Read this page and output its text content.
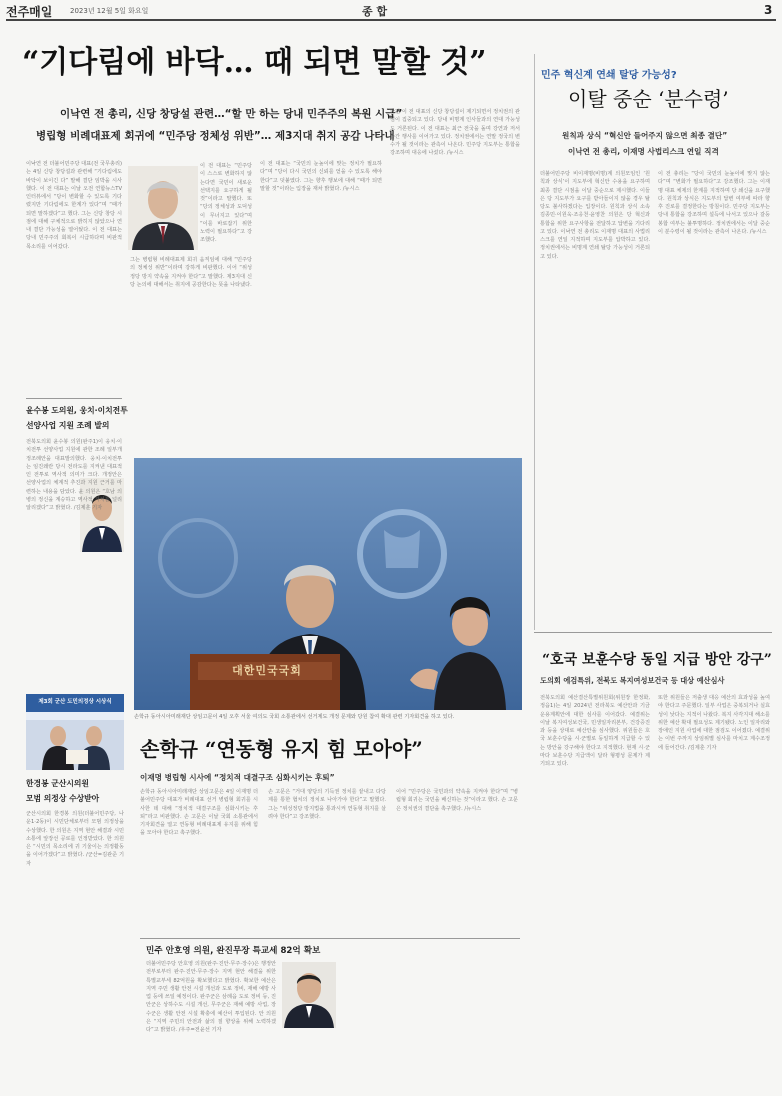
전주매일	2023년 12월 5일 화요일	종 합	3
“기다림에 바닥… 때 되면 말할 것”
이낙연 전 총리, 신당 창당설 관련…“할 만 하는 당내 민주주의 복원 시급”
병립형 비례대표제 회귀에 “민주당 정체성 위반”… 제3지대 취지 공감 나타내
이낙연 전 더불어민주당 대표(전 국무총리)는 4일 신당 창당설과 관련해 “기다림에도 바닥이 보이긴 다” 말해 결단 임박을 시사했다. 이 전 대표는 이날 오전 연합뉴스TV 인터뷰에서 “당이 변화할 수 있도록 기다렸지만 기다림에도 한계가 있다”며 “때가 되면 말하겠다”고 했다. 그는 신당 창당 시점에 대해 구체적으로 밝히지 않았으나 연내 결단 가능성을 열어뒀다. 이 전 대표는 당내 민주주의 회복이 시급하다며 비판적 목소리를 이어갔다.
이 전 대표는 “민주당이 스스로 변화하지 않는다면 국민이 새로운 선택지를 요구하게 될 것”이라고 말했다. 또 “당의 정체성과 도덕성이 무너지고 있다”며 “이를 바로잡기 위한 노력이 필요하다”고 강조했다.
그는 병립형 비례대표제 회귀 움직임에 대해 “민주당의 정체성 위반”이라며 강하게 비판했다. 이어 “위성정당 방지 약속을 지켜야 한다”고 말했다. 제3지대 신당 논의에 대해서는 취지에 공감한다는 뜻을 나타냈다.
이 전 대표는 “국민의 눈높이에 맞는 정치가 필요하다”며 “당이 다시 국민의 신뢰를 얻을 수 있도록 해야 한다”고 덧붙였다. 그는 향후 행보에 대해 “때가 되면 말할 것”이라는 입장을 재차 밝혔다. /뉴시스
한편 이 전 대표의 신당 창당설이 제기되면서 정치권의 관심이 집중되고 있다. 당내 비명계 인사들과의 연대 가능성도 거론된다. 이 전 대표는 최근 전국을 돌며 강연과 저서 출간 행사를 이어가고 있다. 정치권에서는 연말 정국의 변수가 될 것이라는 관측이 나온다. 민주당 지도부는 통합을 강조하며 대응에 나섰다. /뉴시스
민주 혁신계 연쇄 탈당 가능성?
이탈 중순 ‘분수령’
원칙과 상식 “혁신안 들어주지 않으면 최종 결단”
이낙연 전 총리, 이재명 사법리스크 연일 직격
더불어민주당 비이재명(비명)계 의원모임인 ‘원칙과 상식’이 지도부에 혁신안 수용을 요구하며 최종 결단 시점을 이달 중순으로 제시했다. 이들은 당 지도부가 요구를 받아들이지 않을 경우 탈당도 불사하겠다는 입장이다. 원칙과 상식 소속 김종민·이원욱·조응천·윤영찬 의원은 당 혁신과 통합을 위한 요구사항을 전달하고 답변을 기다리고 있다. 이낙연 전 총리도 이재명 대표의 사법리스크를 연일 지적하며 지도부를 압박하고 있다. 정치권에서는 비명계 연쇄 탈당 가능성이 거론되고 있다.
이 전 총리는 “당이 국민의 눈높이에 맞지 않는다”며 “변화가 필요하다”고 강조했다. 그는 이재명 대표 체제의 한계를 지적하며 당 쇄신을 요구했다. 원칙과 상식은 지도부의 답변 여부에 따라 향후 진로를 결정한다는 방침이다. 민주당 지도부는 당내 통합을 강조하며 설득에 나서고 있으나 갈등 봉합 여부는 불투명하다. 정치권에서는 이달 중순이 분수령이 될 것이라는 관측이 나온다. /뉴시스
윤수봉 도의원, 웅치·이치전투
선양사업 지원 조례 발의
전북도의회 윤수봉 의원(완주1)이 웅치·이치전투 선양사업 지원에 관한 조례 일부개정조례안을 대표발의했다. 웅치·이치전투는 임진왜란 당시 전라도를 지켜낸 대표적인 전투로 역사적 의미가 크다. 개정안은 선양사업의 체계적 추진과 지원 근거를 마련하는 내용을 담았다. 윤 의원은 “호남 의병의 정신을 계승하고 역사적 가치를 널리 알리겠다”고 밝혔다. /김제훈 기자
대한민국국회
손학규 동아시아미래재단 상임고문이 4일 오후 서울 여의도 국회 소통관에서 선거제도 개정 문제와 당원 참여 확대 관련 기자회견을 하고 있다.
손학규 “연동형 유지 힘 모아야”
이재명 병립형 시사에 “정치적 대결구조 심화시키는 후퇴”
손학규 동아시아미래재단 상임고문은 4일 이재명 더불어민주당 대표가 비례대표 선거 병립형 회귀를 시사한 데 대해 “정치적 대결구조를 심화시키는 후퇴”라고 비판했다. 손 고문은 이날 국회 소통관에서 기자회견을 열고 연동형 비례대표제 유지를 위해 힘을 모아야 한다고 촉구했다.
손 고문은 “거대 양당의 기득권 정치를 끝내고 다당제를 통한 협치의 정치로 나아가야 한다”고 말했다. 그는 “위성정당 방지법을 통과시켜 연동형 취지를 살려야 한다”고 강조했다.
이어 “민주당은 국민과의 약속을 지켜야 한다”며 “병립형 회귀는 국민을 배신하는 것”이라고 했다. 손 고문은 정치권의 결단을 촉구했다. /뉴시스
민주 안호영 의원, 완진무장 특교세 82억 확보
더불어민주당 안호영 의원(완주·진안·무주·장수)은 행정안전부로부터 완주·진안·무주·장수 지역 현안 해결을 위한 특별교부세 82억원을 확보했다고 밝혔다. 확보한 예산은 지역 주민 생활 안전 시설 개선과 도로 정비, 재해 예방 사업 등에 쓰일 예정이다. 완주군은 삼례읍 도로 정비 등, 진안군은 상하수도 시설 개선, 무주군은 재해 예방 사업, 장수군은 생활 안전 시설 확충에 예산이 투입된다. 안 의원은 “지역 주민의 안전과 삶의 질 향상을 위해 노력하겠다”고 밝혔다. /우주=전윤선 기자
제3회 군산 도민의정상 시상식
한경봉 군산시의원
모범 의정상 수상받아
군산시의회 한경봉 의원(더불어민주당, 나운1·2동)이 시민단체로부터 모범 의정상을 수상했다. 한 의원은 지역 현안 해결과 시민 소통에 앞장선 공로를 인정받았다. 한 의원은 “시민의 목소리에 귀 기울이는 의정활동을 이어가겠다”고 밝혔다. /군산=김관준 기자
“호국 보훈수당 동일 지급 방안 강구”
도의회 에검특위, 전북도 복지여성보건국 등 대상 예산심사
전북도의회 예산결산특별위원회(위원장 한정화, 정읍1)는 4일 2024년 전라북도 예산안과 기금 운용계획안에 대한 심사를 이어갔다. 예결위는 이날 복지여성보건국, 민생일자리본부, 건강증진과 등을 상대로 예산안을 심사했다. 위원들은 호국 보훈수당을 시·군별로 동일하게 지급할 수 있는 방안을 강구해야 한다고 지적했다. 현재 시·군마다 보훈수당 지급액이 달라 형평성 문제가 제기되고 있다.
또한 위원들은 저출생 대응 예산의 효과성을 높여야 한다고 주문했다. 일부 사업은 중복되거나 실효성이 낮다는 지적이 나왔다. 복지 사각지대 해소를 위한 예산 확대 필요성도 제기됐다. 노인 일자리와 장애인 지원 사업에 대한 점검도 이어졌다. 예결위는 이번 주까지 상임위별 심사를 마치고 계수조정에 들어간다. /김제훈 기자
